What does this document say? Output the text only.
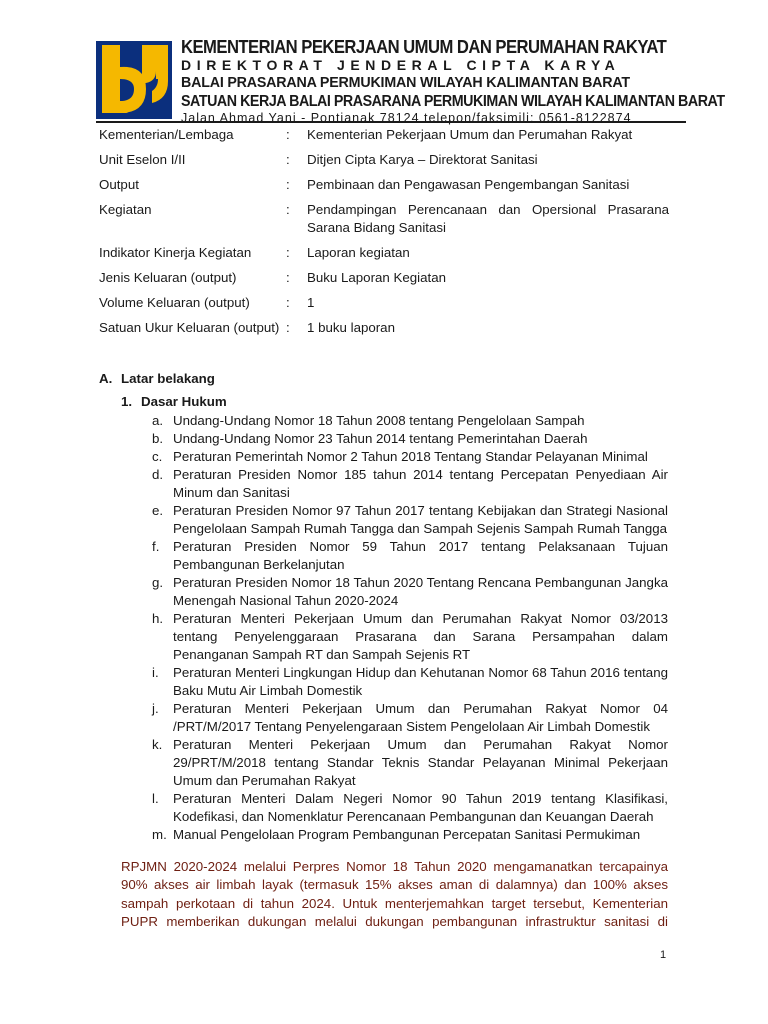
KEMENTERIAN PEKERJAAN UMUM DAN PERUMAHAN RAKYAT
DIREKTORAT JENDERAL CIPTA KARYA
BALAI PRASARANA PERMUKIMAN WILAYAH KALIMANTAN BARAT
SATUAN KERJA BALAI PRASARANA PERMUKIMAN WILAYAH KALIMANTAN BARAT
Jalan Ahmad Yani - Pontianak 78124 telepon/faksimili: 0561-8122874
Kementerian/Lembaga	:	Kementerian Pekerjaan Umum dan Perumahan Rakyat
Unit Eselon I/II	:	Ditjen Cipta Karya – Direktorat Sanitasi
Output	:	Pembinaan dan Pengawasan Pengembangan Sanitasi
Kegiatan	:	Pendampingan Perencanaan dan Opersional Prasarana Sarana Bidang Sanitasi
Indikator Kinerja Kegiatan	:	Laporan kegiatan
Jenis Keluaran (output)	:	Buku Laporan Kegiatan
Volume Keluaran (output)	:	1
Satuan Ukur Keluaran (output) :	1 buku laporan
A. Latar belakang
1. Dasar Hukum
a. Undang-Undang Nomor 18 Tahun 2008 tentang Pengelolaan Sampah
b. Undang-Undang Nomor 23 Tahun 2014 tentang Pemerintahan Daerah
c. Peraturan Pemerintah Nomor 2 Tahun 2018 Tentang Standar Pelayanan Minimal
d. Peraturan Presiden Nomor 185 tahun 2014 tentang Percepatan Penyediaan Air Minum dan Sanitasi
e. Peraturan Presiden Nomor 97 Tahun 2017 tentang Kebijakan dan Strategi Nasional Pengelolaan Sampah Rumah Tangga dan Sampah Sejenis Sampah Rumah Tangga
f.	Peraturan Presiden Nomor 59 Tahun 2017 tentang Pelaksanaan Tujuan Pembangunan Berkelanjutan
g. Peraturan Presiden Nomor 18 Tahun 2020 Tentang Rencana Pembangunan Jangka Menengah Nasional Tahun 2020-2024
h. Peraturan Menteri Pekerjaan Umum dan Perumahan Rakyat Nomor 03/2013 tentang Penyelenggaraan Prasarana dan Sarana Persampahan dalam Penanganan Sampah RT dan Sampah Sejenis RT
i.	Peraturan Menteri Lingkungan Hidup dan Kehutanan Nomor 68 Tahun 2016 tentang Baku Mutu Air Limbah Domestik
j.	Peraturan Menteri Pekerjaan Umum dan Perumahan Rakyat Nomor 04 /PRT/M/2017 Tentang Penyelengaraan Sistem Pengelolaan Air Limbah Domestik
k. Peraturan Menteri Pekerjaan Umum dan Perumahan Rakyat Nomor 29/PRT/M/2018 tentang Standar Teknis Standar Pelayanan Minimal Pekerjaan Umum dan Perumahan Rakyat
l.	Peraturan Menteri Dalam Negeri Nomor 90 Tahun 2019 tentang Klasifikasi, Kodefikasi, dan Nomenklatur Perencanaan Pembangunan dan Keuangan Daerah
m. Manual Pengelolaan Program Pembangunan Percepatan Sanitasi Permukiman
RPJMN 2020-2024 melalui Perpres Nomor 18 Tahun 2020 mengamanatkan tercapainya 90% akses air limbah layak (termasuk 15% akses aman di dalamnya) dan 100% akses sampah perkotaan di tahun 2024. Untuk menterjemahkan target tersebut, Kementerian PUPR memberikan dukungan melalui dukungan pembangunan infrastruktur sanitasi di
1
